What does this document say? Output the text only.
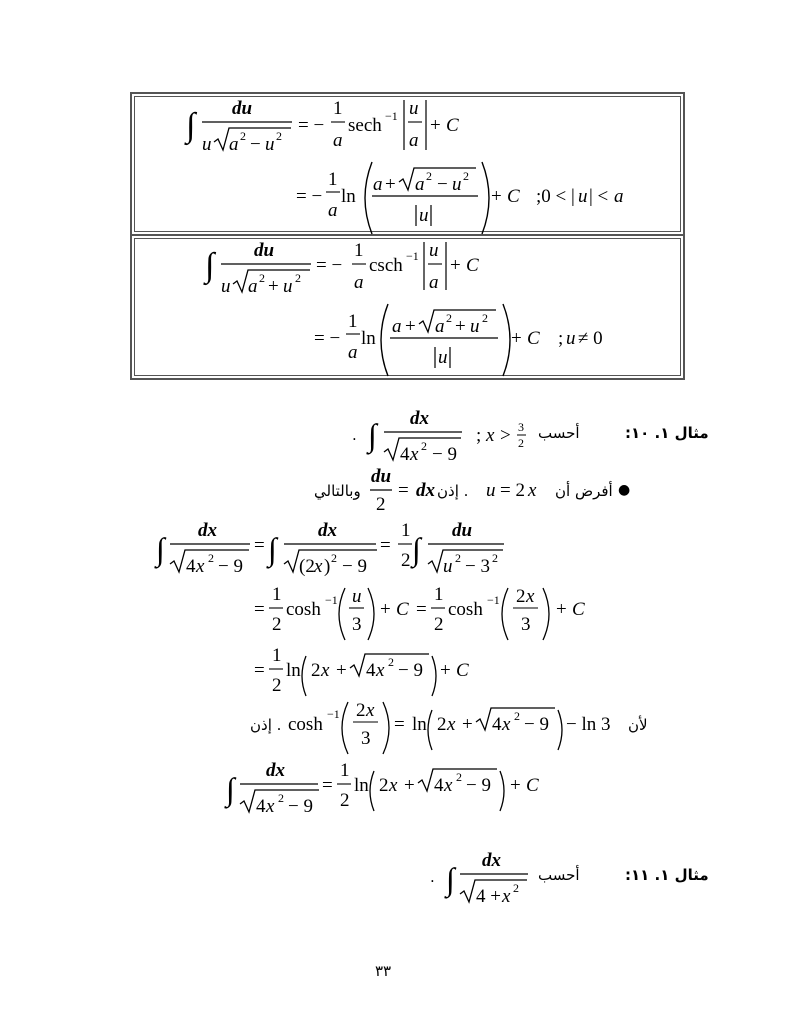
∫ du
u a 2 − u 2 = −
1
a
sech −1 u
a
+ C
= −
1
a
ln
a + a 2 − u 2
u
+ C ;0 < | u | < a
∫ du
u a 2 + u 2
= −
1
a
csch −1 u
a
+ C
= −
1
a
ln
a + a 2 + u 2
u
+ C ; u ≠ 0
∫ dx
4 x 2 − 9
; x > 3
2
u = 2 x
dx
du
2
=
∫
dx
4 x 2 − 9
= ∫
dx
(2 x ) 2 − 9
=
1
2 ∫
du
u 2 − 3 2
=
1
2
cosh −1 u
3
+ C =
1
2
cosh −1 2 x
3
+ C
=
1
2
ln 2 x + 4 x 2 − 9 + C
cosh −1 2 x
3
= ln 2 x + 4 x 2 − 9 − ln 3
∫
dx
4 x 2 − 9
=
1
2
ln 2 x + 4 x 2 − 9 + C
∫
dx
4 + x 2
مثال ١. ١٠:
أحسب
.
●
أفرض أن
. إذن
وبالتالي
لأن
. إذن
مثال ١. ١١:
أحسب
.
٣٣
